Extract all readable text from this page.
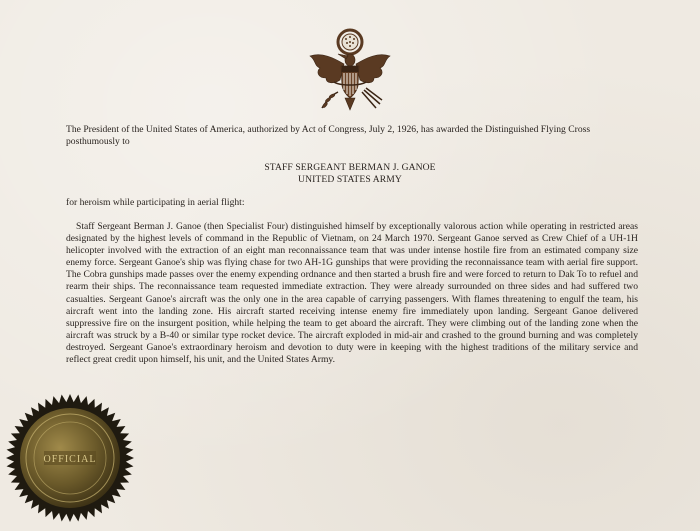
The President of the United States of America, authorized by Act of Congress, July 2, 1926, has awarded the Distinguished Flying Cross posthumously to
STAFF SERGEANT BERMAN J. GANOE
UNITED STATES ARMY
for heroism while participating in aerial flight:
Staff Sergeant Berman J. Ganoe (then Specialist Four) distinguished himself by exceptionally valorous action while operating in restricted areas designated by the highest levels of command in the Republic of Vietnam, on 24 March 1970. Sergeant Ganoe served as Crew Chief of a UH-1H helicopter involved with the extraction of an eight man reconnaissance team that was under intense hostile fire from an estimated company size enemy force. Sergeant Ganoe's ship was flying chase for two AH-1G gunships that were providing the reconnaissance team with aerial fire support. The Cobra gunships made passes over the enemy expending ordnance and then started a brush fire and were forced to return to Dak To to refuel and rearm their ships. The reconnaissance team requested immediate extraction. They were already surrounded on three sides and had suffered two casualties. Sergeant Ganoe's aircraft was the only one in the area capable of carrying passengers. With flames threatening to engulf the team, his aircraft went into the landing zone. His aircraft started receiving intense enemy fire immediately upon landing. Sergeant Ganoe delivered suppressive fire on the insurgent position, while helping the team to get aboard the aircraft. They were climbing out of the landing zone when the aircraft was struck by a B-40 or similar type rocket device. The aircraft exploded in mid-air and crashed to the ground burning and was completely destroyed. Sergeant Ganoe's extraordinary heroism and devotion to duty were in keeping with the highest traditions of the military service and reflect great credit upon himself, his unit, and the United States Army.
OFFICIAL
